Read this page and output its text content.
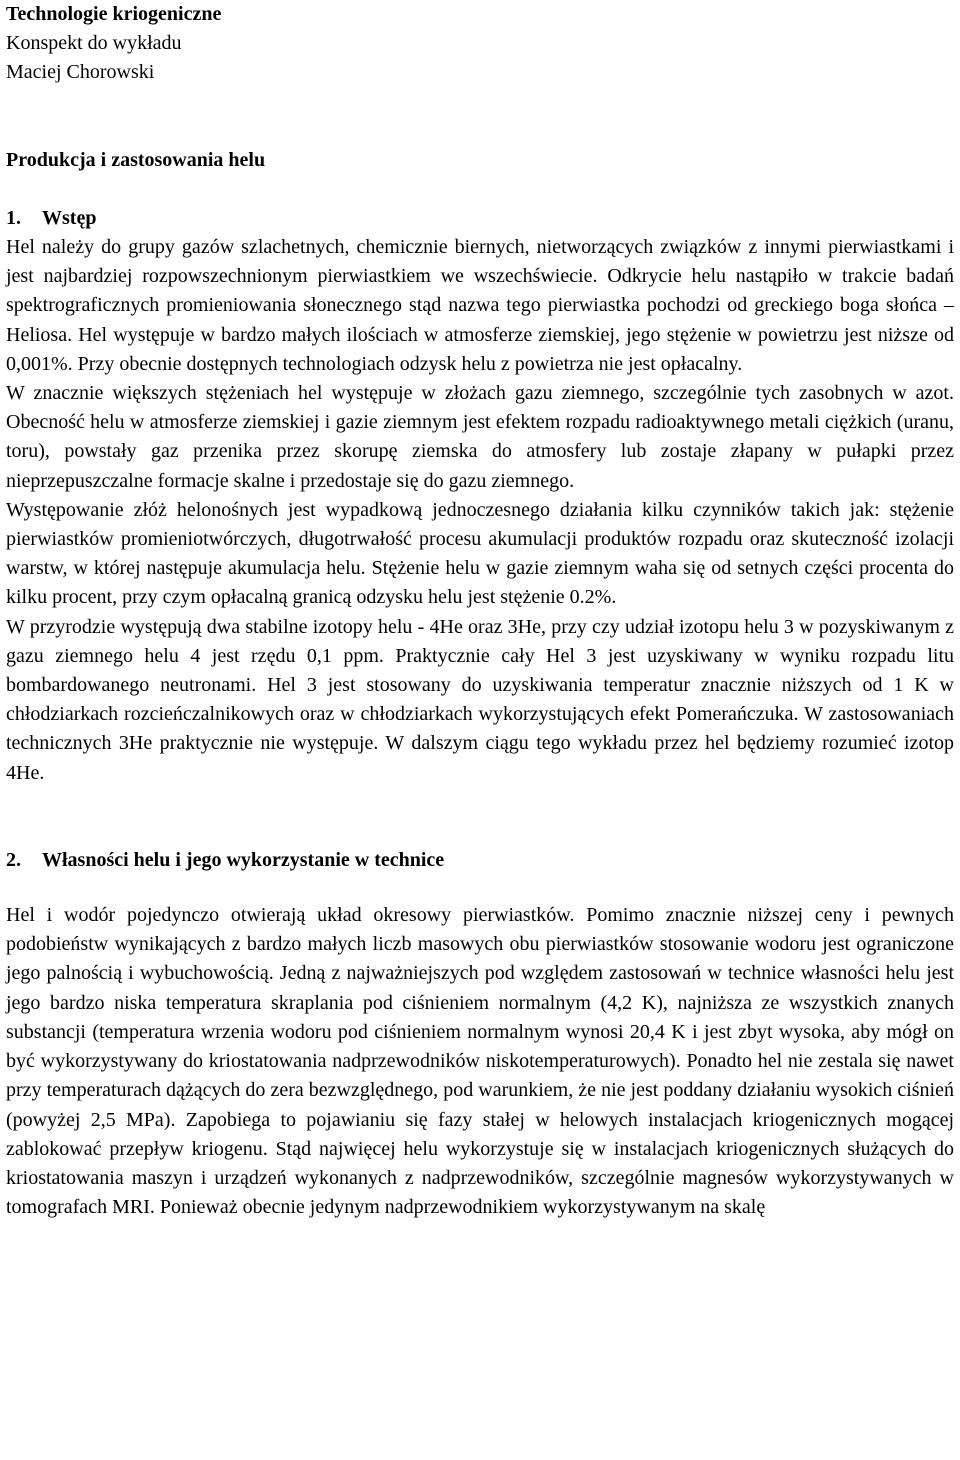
Technologie kriogeniczne
Konspekt do wykładu
Maciej Chorowski
Produkcja i zastosowania helu
1. Wstęp

Hel należy do grupy gazów szlachetnych, chemicznie biernych, nietworzących związków z innymi pierwiastkami i jest najbardziej rozpowszechnionym pierwiastkiem we wszechświecie. Odkrycie helu nastąpiło w trakcie badań spektrograficznych promieniowania słonecznego stąd nazwa tego pierwiastka pochodzi od greckiego boga słońca – Heliosa. Hel występuje w bardzo małych ilościach w atmosferze ziemskiej, jego stężenie w powietrzu jest niższe od 0,001%. Przy obecnie dostępnych technologiach odzysk helu z powietrza nie jest opłacalny.

W znacznie większych stężeniach hel występuje w złożach gazu ziemnego, szczególnie tych zasobnych w azot. Obecność helu w atmosferze ziemskiej i gazie ziemnym jest efektem rozpadu radioaktywnego metali ciężkich (uranu, toru), powstały gaz przenika przez skorupę ziemska do atmosfery lub zostaje złapany w pułapki przez nieprzepuszczalne formacje skalne i przedostaje się do gazu ziemnego.

Występowanie złóż helonośnych jest wypadkową jednoczesnego działania kilku czynników takich jak: stężenie pierwiastków promieniotwórczych, długotrwałość procesu akumulacji produktów rozpadu oraz skuteczność izolacji warstw, w której następuje akumulacja helu. Stężenie helu w gazie ziemnym waha się od setnych części procenta do kilku procent, przy czym opłacalną granicą odzysku helu jest stężenie 0.2%.

W przyrodzie występują dwa stabilne izotopy helu - 4He oraz 3He, przy czy udział izotopu helu 3 w pozyskiwanym z gazu ziemnego helu 4 jest rzędu 0,1 ppm. Praktycznie cały Hel 3 jest uzyskiwany w wyniku rozpadu litu bombardowanego neutronami. Hel 3 jest stosowany do uzyskiwania temperatur znacznie niższych od 1 K w chłodziarkach rozcieńczalnikowych oraz w chłodziarkach wykorzystujących efekt Pomerańczuka. W zastosowaniach technicznych 3He praktycznie nie występuje. W dalszym ciągu tego wykładu przez hel będziemy rozumieć izotop 4He.

2. Własności helu i jego wykorzystanie w technice

Hel i wodór pojedynczo otwierają układ okresowy pierwiastków. Pomimo znacznie niższej ceny i pewnych podobieństw wynikających z bardzo małych liczb masowych obu pierwiastków stosowanie wodoru jest ograniczone jego palnością i wybuchowością. Jedną z najważniejszych pod względem zastosowań w technice własności helu jest jego bardzo niska temperatura skraplania pod ciśnieniem normalnym (4,2 K), najniższa ze wszystkich znanych substancji (temperatura wrzenia wodoru pod ciśnieniem normalnym wynosi 20,4 K i jest zbyt wysoka, aby mógł on być wykorzystywany do kriostatowania nadprzewodników niskotemperaturowych). Ponadto hel nie zestala się nawet przy temperaturach dążących do zera bezwzględnego, pod warunkiem, że nie jest poddany działaniu wysokich ciśnień (powyżej 2,5 MPa). Zapobiega to pojawianiu się fazy stałej w helowych instalacjach kriogenicznych mogącej zablokować przepływ kriogenu. Stąd najwięcej helu wykorzystuje się w instalacjach kriogenicznych służących do kriostatowania maszyn i urządzeń wykonanych z nadprzewodników, szczególnie magnesów wykorzystywanych w tomografach MRI. Ponieważ obecnie jedynym nadprzewodnikiem wykorzystywanym na skalę
